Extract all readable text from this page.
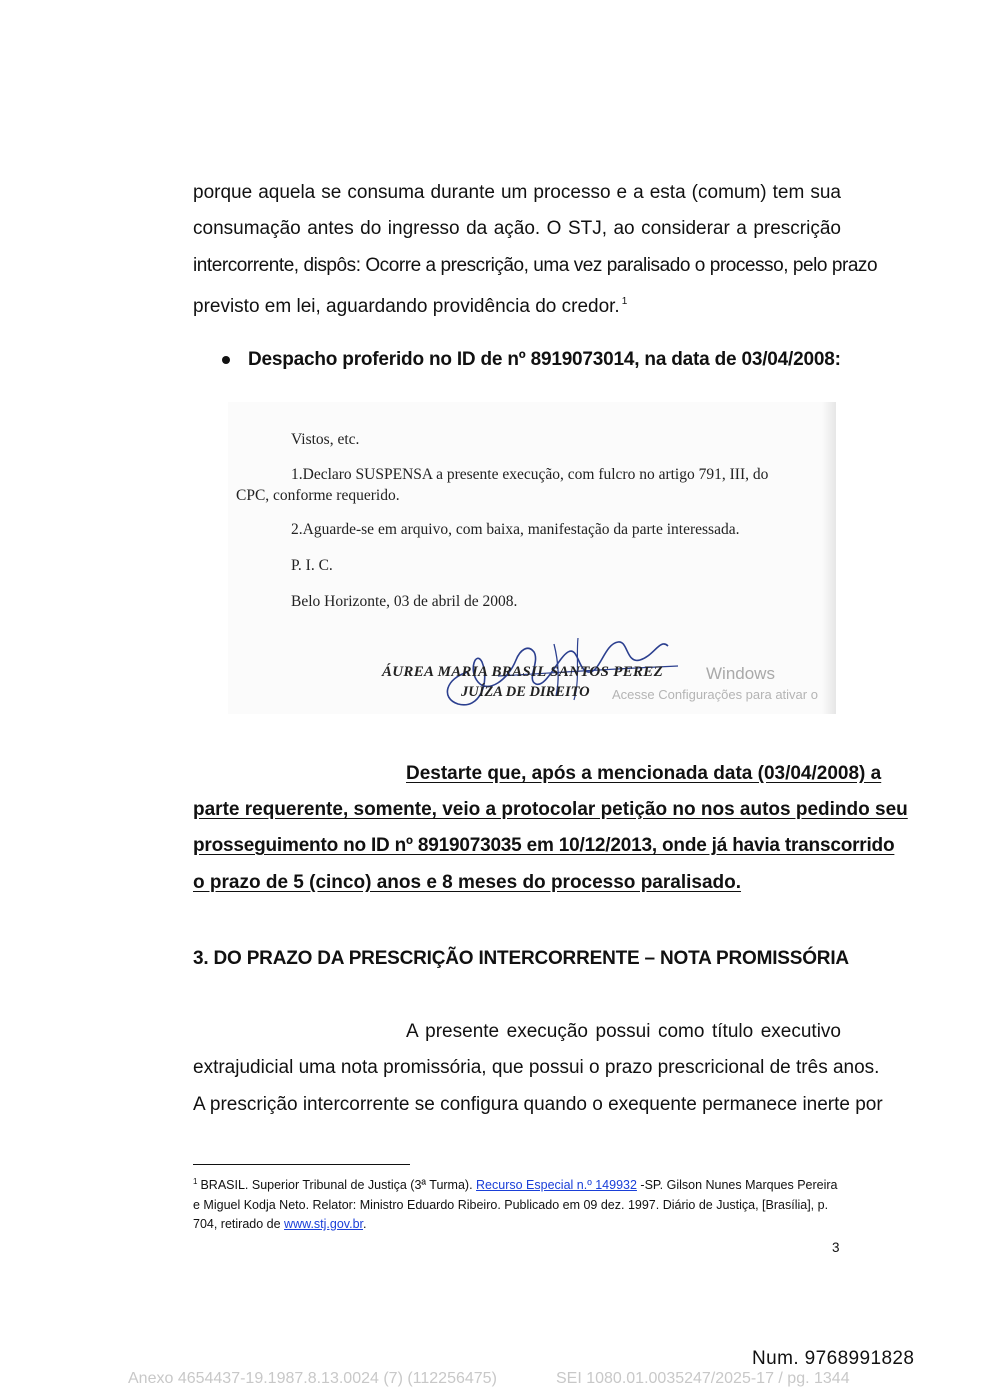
porque aquela se consuma durante um processo e a esta (comum) tem sua
consumação antes do ingresso da ação. O STJ, ao considerar a prescrição
intercorrente, dispôs: Ocorre a prescrição, uma vez paralisado o processo, pelo prazo
previsto em lei, aguardando providência do credor. $^1$
Despacho proferido no ID de nº 8919073014, na data de 03/04/2008:
Vistos, etc.
1.Declaro SUSPENSA a presente execução, com fulcro no artigo 791, III, do
CPC, conforme requerido.
2.Aguarde-se em arquivo, com baixa, manifestação da parte interessada.
P. I. C.
Belo Horizonte, 03 de abril de 2008.
ÁUREA MARIA BRASIL SANTOS PEREZ
JUÍZA DE DIREITO
Windows
Acesse Configurações para ativar o
Destarte que, após a mencionada data (03/04/2008) a
parte requerente, somente, veio a protocolar petição no nos autos pedindo seu
prosseguimento no ID nº 8919073035 em 10/12/2013, onde já havia transcorrido
o prazo de 5 (cinco) anos e 8 meses do processo paralisado.
3. DO PRAZO DA PRESCRIÇÃO INTERCORRENTE – NOTA PROMISSÓRIA
A presente execução possui como título executivo
extrajudicial uma nota promissória, que possui o prazo prescricional de três anos.
A prescrição intercorrente se configura quando o exequente permanece inerte por
$^1$ BRASIL. Superior Tribunal de Justiça (3ª Turma). Recurso Especial n.º 149932 -SP. Gilson Nunes Marques Pereira e Miguel Kodja Neto. Relator: Ministro Eduardo Ribeiro. Publicado em 09 dez. 1997. Diário de Justiça, [Brasília], p. 704, retirado de www.stj.gov.br.
3
Num. 9768991828
Anexo 4654437-19.1987.8.13.0024 (7) (112256475)	SEI 1080.01.0035247/2025-17 / pg. 1344
